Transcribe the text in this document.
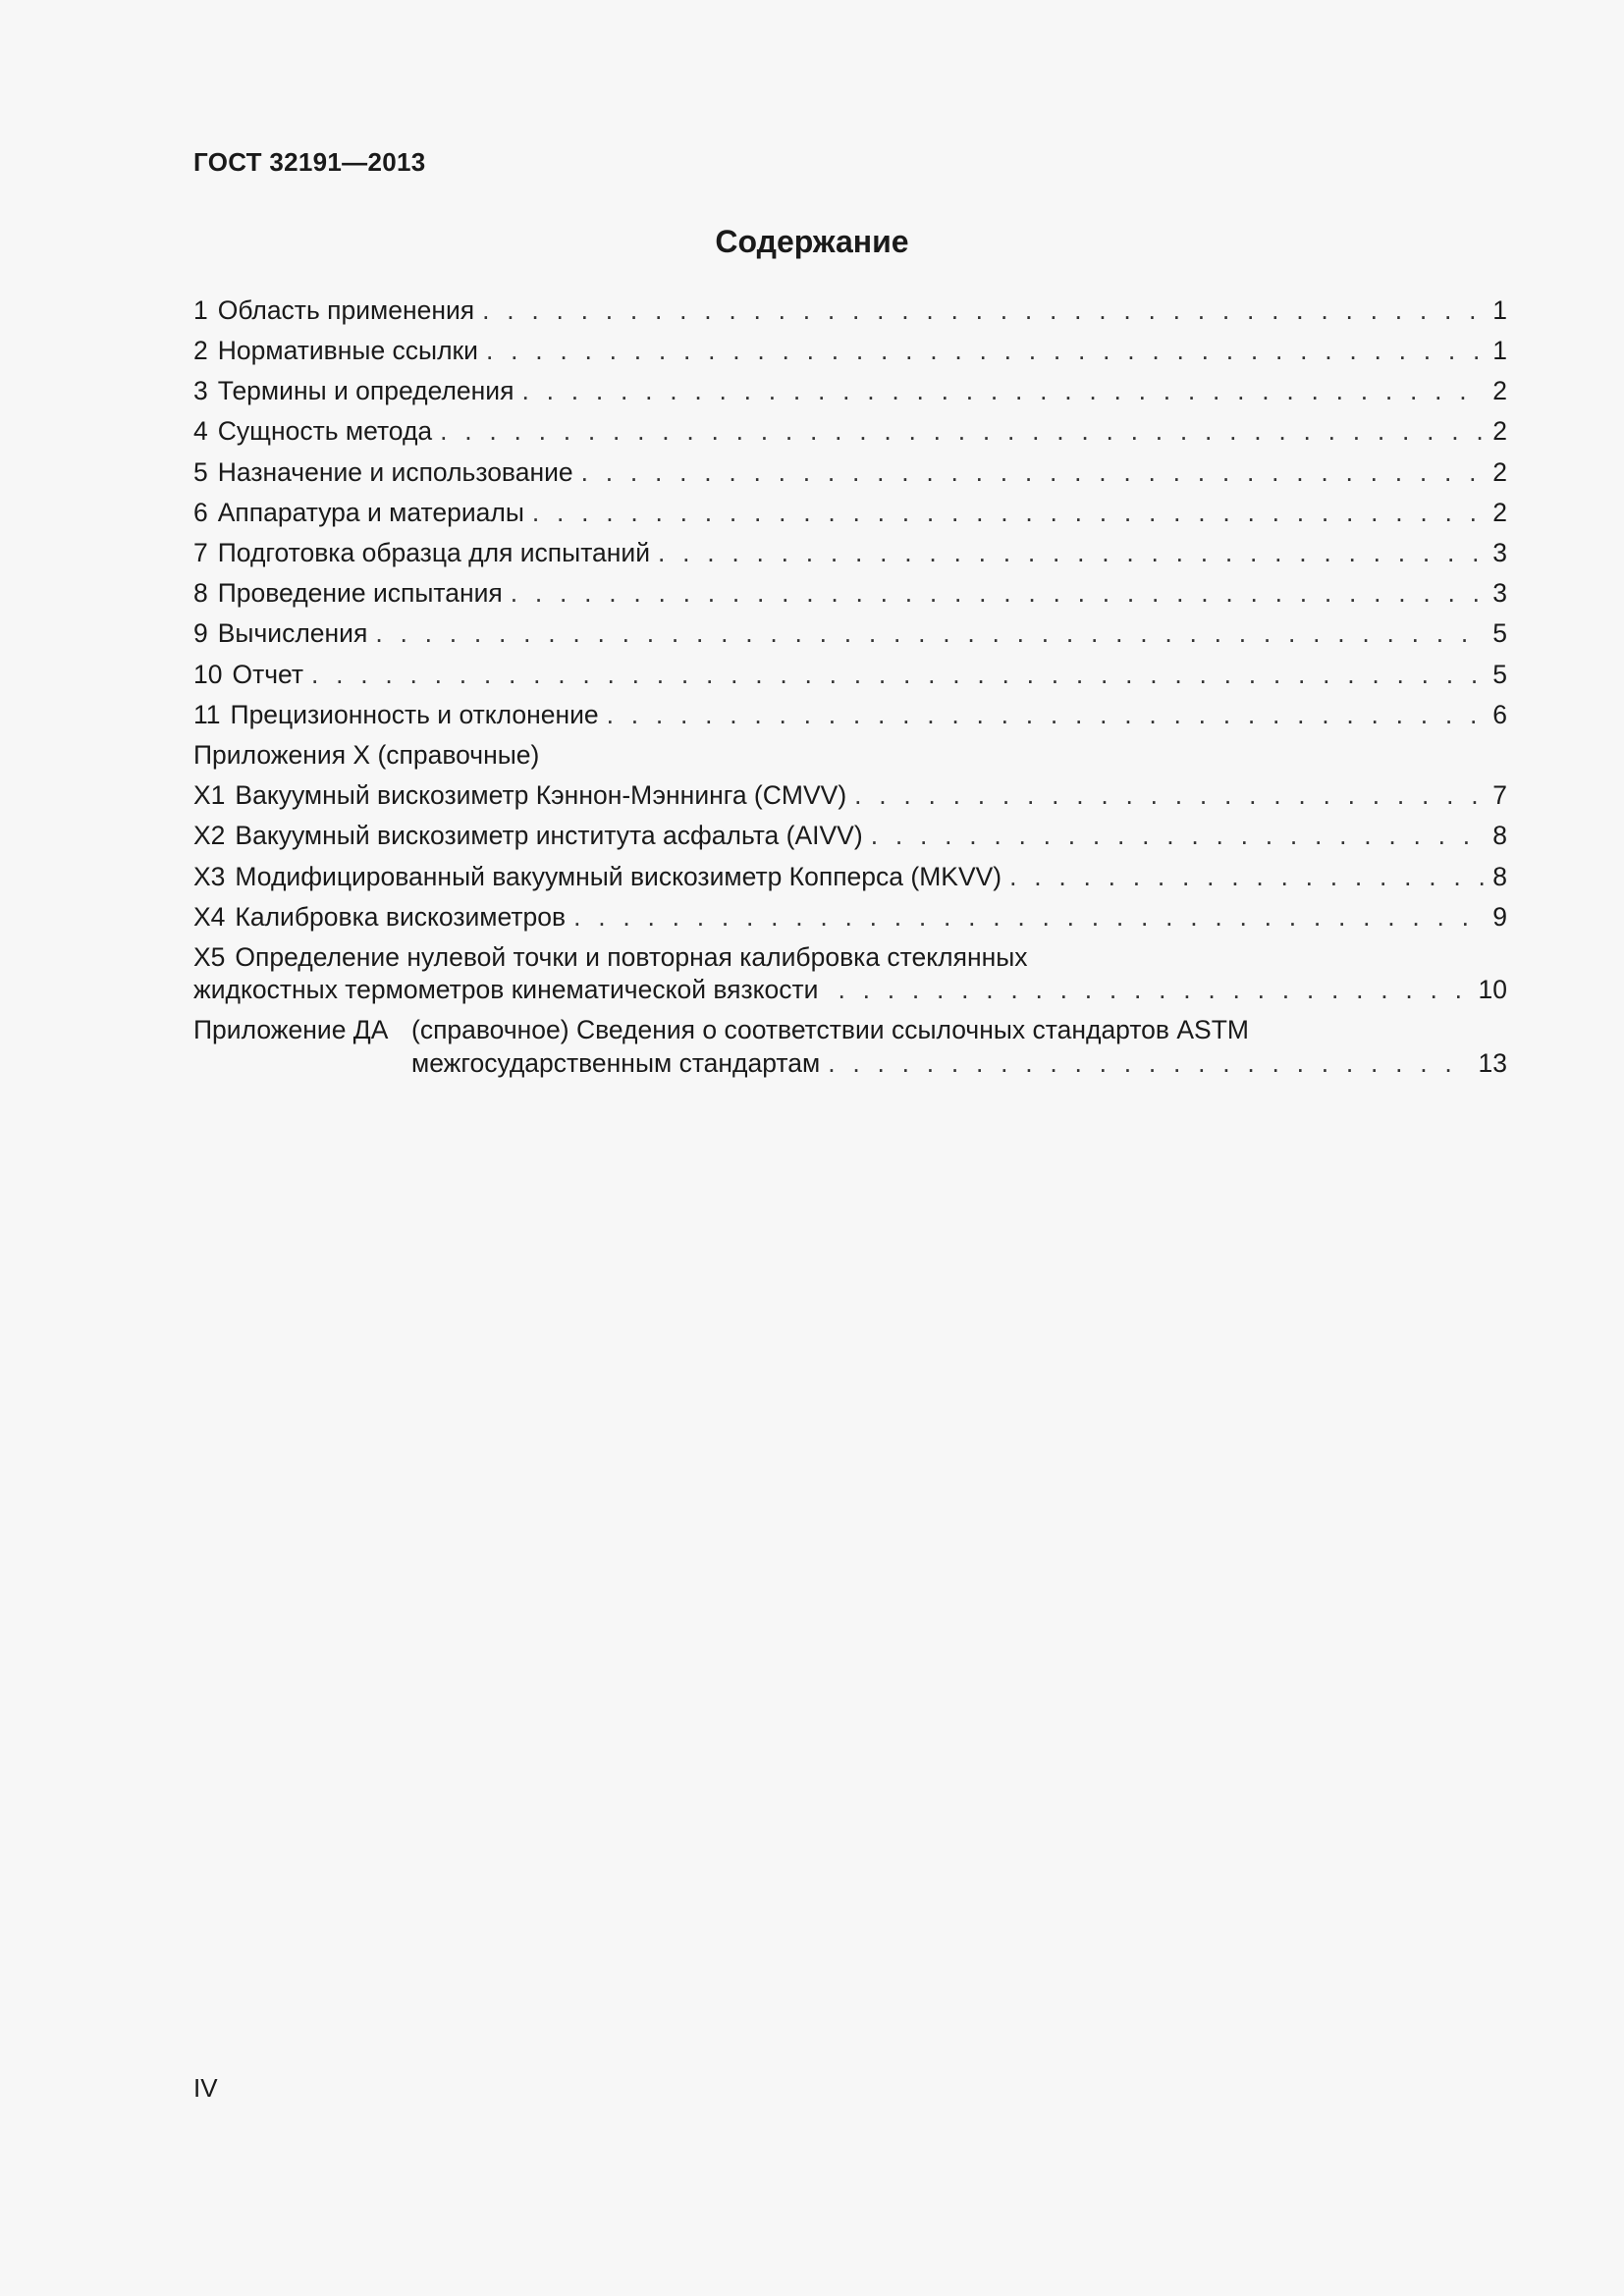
ГОСТ 32191—2013
Содержание
1 Область применения . . .	1
2 Нормативные ссылки . . .	1
3 Термины и определения . . .	2
4 Сущность метода . . .	2
5 Назначение и использование . . .	2
6 Аппаратура и материалы . . .	2
7 Подготовка образца для испытаний . . .	3
8 Проведение испытания . . .	3
9 Вычисления . . .	5
10 Отчет . . .	5
11 Прецизионность и отклонение . . .	6
Приложения X (справочные)
X1 Вакуумный вискозиметр Кэннон-Мэннинга (CMVV) . . .	7
X2 Вакуумный вискозиметр института асфальта (AIVV) . . .	8
X3 Модифицированный вакуумный вискозиметр Копперса (MKVV) . . .	8
X4 Калибровка вискозиметров . . .	9
X5 Определение нулевой точки и повторная калибровка стеклянных
жидкостных термометров кинематической вязкости . . .	10
Приложение ДА (справочное) Сведения о соответствии ссылочных стандартов ASTM
межгосударственным стандартам . . .	13
IV
